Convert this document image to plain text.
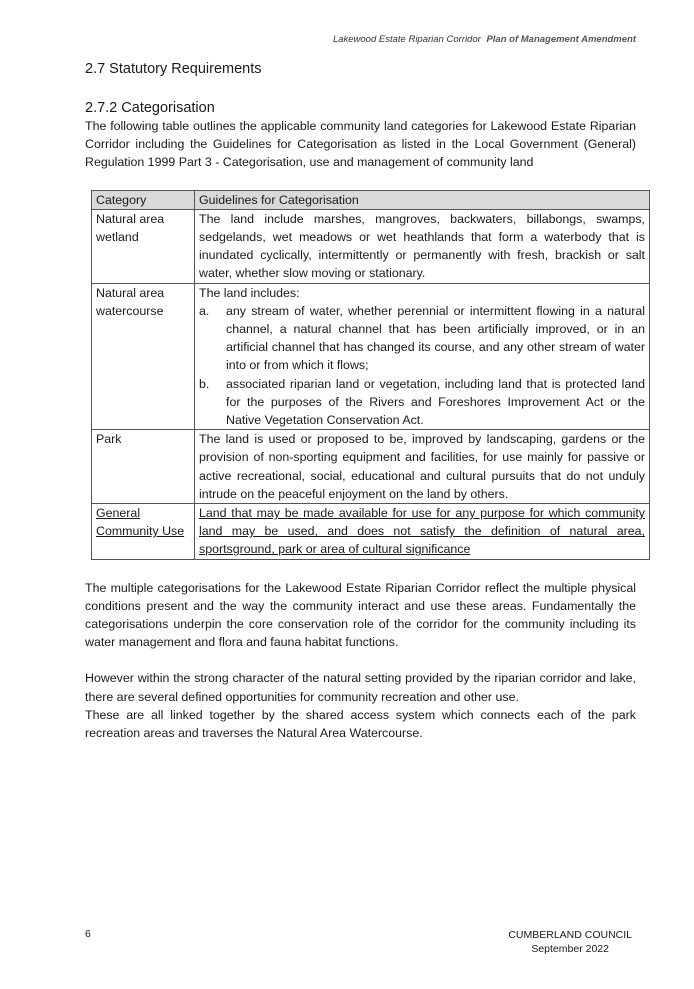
Lakewood Estate Riparian Corridor Plan of Management Amendment
2.7 Statutory Requirements
2.7.2 Categorisation

The following table outlines the applicable community land categories for Lakewood Estate Riparian Corridor including the Guidelines for Categorisation as listed in the Local Government (General) Regulation 1999 Part 3 - Categorisation, use and management of community land

Category	Guidelines for Categorisation
Natural area wetland	The land include marshes, mangroves, backwaters, billabongs, swamps, sedgelands, wet meadows or wet heathlands that form a waterbody that is inundated cyclically, intermittently or permanently with fresh, brackish or salt water, whether slow moving or stationary.
Natural area watercourse	The land includes:
a. any stream of water, whether perennial or intermittent flowing in a natural channel, a natural channel that has been artificially improved, or in an artificial channel that has changed its course, and any other stream of water into or from which it flows;
b. associated riparian land or vegetation, including land that is protected land for the purposes of the Rivers and Foreshores Improvement Act or the Native Vegetation Conservation Act.

Park	The land is used or proposed to be, improved by landscaping, gardens or the provision of non-sporting equipment and facilities, for use mainly for passive or active recreational, social, educational and cultural pursuits that do not unduly intrude on the peaceful enjoyment on the land by others.
General Community Use	Land that may be made available for use for any purpose for which community land may be used, and does not satisfy the definition of natural area, sportsground, park or area of cultural significance

The multiple categorisations for the Lakewood Estate Riparian Corridor reflect the multiple physical conditions present and the way the community interact and use these areas. Fundamentally the categorisations underpin the core conservation role of the corridor for the community including its water management and flora and fauna habitat functions.

However within the strong character of the natural setting provided by the riparian corridor and lake, there are several defined opportunities for community recreation and other use.

These are all linked together by the shared access system which connects each of the park recreation areas and traverses the Natural Area Watercourse.

6	CUMBERLAND COUNCIL
September 2022
